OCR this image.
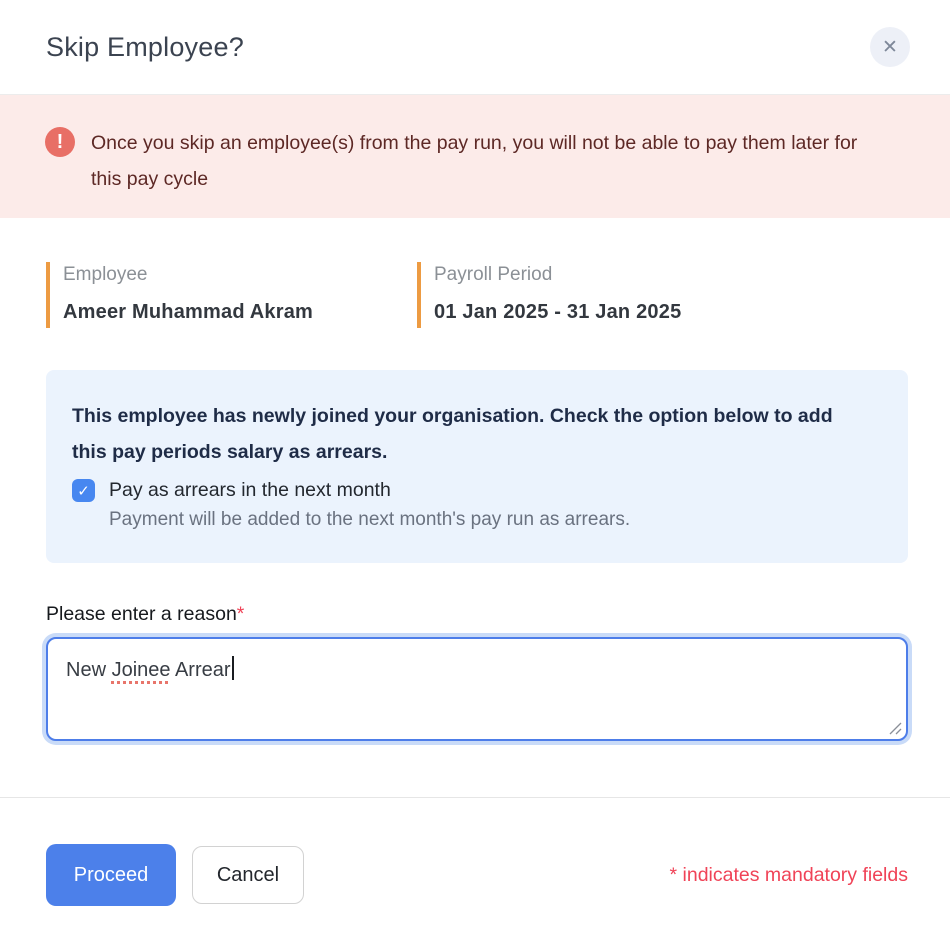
Skip Employee?	✕
! Once you skip an employee(s) from the pay run, you will not be able to pay them later for this pay cycle

Employee
Ameer Muhammad Akram
Payroll Period
01 Jan 2025 - 31 Jan 2025

This employee has newly joined your organisation. Check the option below to add this pay periods salary as arrears.

✓ Pay as arrears in the next month

Payment will be added to the next month's pay run as arrears.

Please enter a reason*
New Joinee Arrear
Proceed	Cancel	* indicates mandatory fields
